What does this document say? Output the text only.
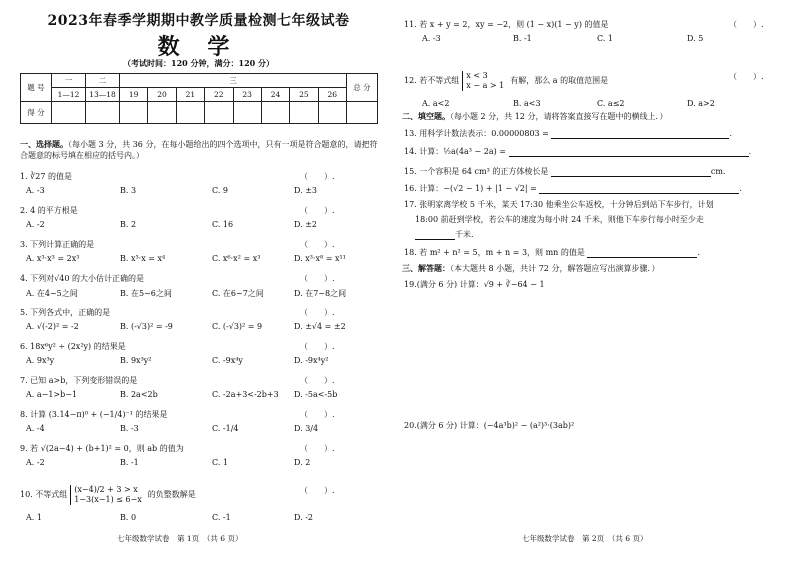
2023年春季学期期中教学质量检测七年级试卷
数 学
（考试时间：120 分钟，满分：120 分）
题 号	一	二	三								总 分
	1—12	13—18	19	20	21	22	23	24	25	26	
得 分											
一、选择题。（每小题 3 分，共 36 分，在每小题给出的四个选项中，只有一项是符合题意的，请把符合题意的标号填在相应的括号内。）
1. ∛27 的值是	（　　）.
A. -3	B. 3	C. 9	D. ±3
2. 4 的平方根是	（　　）.
A. -2	B. 2	C. 16	D. ±2
3. 下列计算正确的是	（　　）.
A. x³·x³ = 2x³	B. x³·x = x⁴	C. x⁶·x² = x³	D. x³·x⁸ = x¹¹
4. 下列对√40 的大小估计正确的是	（　　）.
A. 在4~5之间	B. 在5~6之间	C. 在6~7之间	D. 在7~8之间
5. 下列各式中，正确的是	（　　）.
A. √(-2)² = -2	B. (-√3)² = -9	C. (-√3)² = 9	D. ±√4 = ±2
6. 18x⁶y² ÷ (2x²y) 的结果是	（　　）.
A. 9x³y	B. 9x³y²	C. -9x⁴y	D. -9x⁴y²
7. 已知 a>b，下列变形错误的是	（　　）.
A. a−1>b−1	B. 2a<2b	C. -2a+3<-2b+3 D. -5a<-5b
8. 计算 (3.14−π)⁰ + (−1/4)⁻¹ 的结果是	（　　）.
A. -4	B. -3	C. -1/4	D. 3/4
9. 若 √(2a−4) + (b+1)² = 0，则 ab 的值为	（　　）.
A. -2	B. -1	C. 1	D. 2
10. 不等式组
(x−4)/2 + 3 > x
1−3(x−1) ≤ 6−x
的负整数解是	（　　）.
A. 1	B. 0	C. -1	D. -2
七年级数学试卷　第 1页　（共 6 页）
11. 若 x + y = 2，xy = −2，则 (1 − x)(1 − y) 的值是	（　　）.
A. -3	B. -1	C. 1	D. 5
12. 若不等式组
x < 3
x − a > 1
有解，那么 a 的取值范围是	（　　）.
A. a<2	B. a<3	C. a≤2	D. a>2
二、填空题。（每小题 2 分，共 12 分，请将答案直接写在题中的横线上．）
13. 用科学计数法表示：0.00000803 =	.
14. 计算：½a(4a³ − 2a) =	.
15. 一个容积是 64 cm³ 的正方体棱长是	cm.
16. 计算：−(√2 − 1) + |1 − √2| =	.
17. 张明家离学校 5 千米，某天 17:30 他乘坐公车返校，十分钟后到站下车步行，计划
18:00 前赶到学校，若公车的速度为每小时 24 千米，则他下车步行每小时至少走
千米.
18. 若 m² + n² = 5，m + n = 3，则 mn 的值是	.
三、解答题：（本大题共 8 小题，共计 72 分，解答题应写出演算步骤．）
19.(满分 6 分) 计算：√9 + ∛−64 − 1
20.(满分 6 分) 计算：(−4a³b)² − (a²)³·(3ab)²
七年级数学试卷　第 2页　（共 6 页）
